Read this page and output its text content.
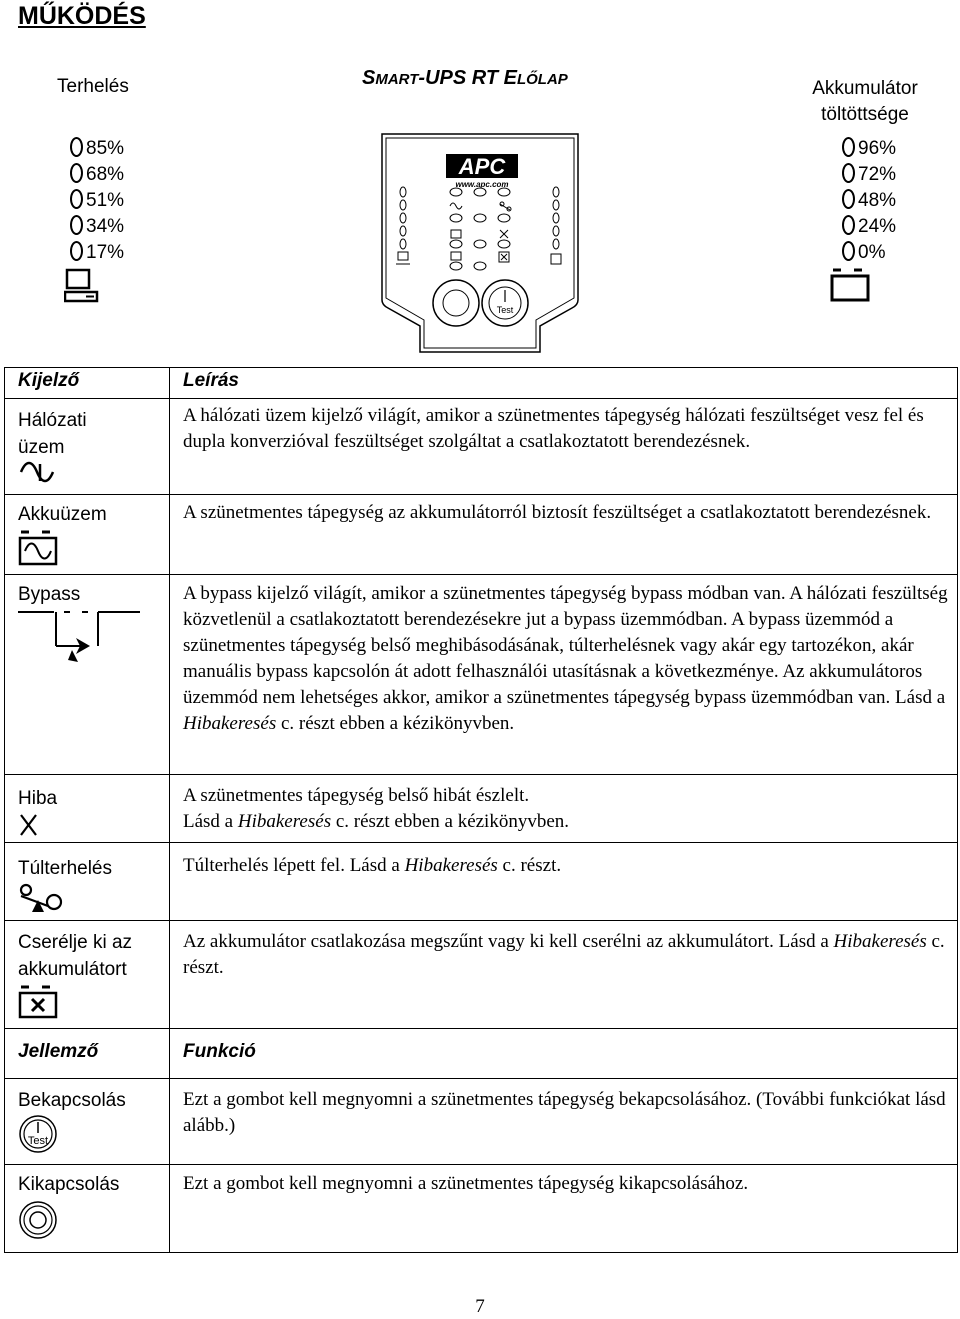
MŰKÖDÉS
Terhelés	SMART-UPS RT ELŐLAP	Akkumulátor
töltöttsége
85%
68%
51%
34%
17%
96%
72%
48%
24%
0%
APC
www.apc.com
Test
Kijelző	Leírás

Hálózati
üzem	A hálózati üzem kijelző világít, amikor a szünetmentes tápegység hálózati feszültséget vesz fel és dupla konverzióval feszültséget szolgáltat a csatlakoztatott berendezésnek.

Akkuüzem	A szünetmentes tápegység az akkumulátorról biztosít feszültséget a csatlakoztatott berendezésnek.

Bypass	A bypass kijelző világít, amikor a szünetmentes tápegység bypass módban van. A hálózati feszültség közvetlenül a csatlakoztatott berendezésekre jut a bypass üzemmódban. A bypass üzemmód a szünetmentes tápegység belső meghibásodásának, túlterhelésnek vagy akár egy tartozékon, akár manuális bypass kapcsolón át adott felhasználói utasításnak a következménye. Az akkumulátoros üzemmód nem lehetséges akkor, amikor a szünetmentes tápegység bypass üzemmódban van. Lásd a Hibakeresés c. részt ebben a kézikönyvben.

Hiba	A szünetmentes tápegység belső hibát észlelt.
Lásd a Hibakeresés c. részt ebben a kézikönyvben.

Túlterhelés	Túlterhelés lépett fel. Lásd a Hibakeresés c. részt.

Cserélje ki az
akkumulátort	Az akkumulátor csatlakozása megszűnt vagy ki kell cserélni az akkumulátort. Lásd a Hibakeresés c. részt.

Jellemző	Funkció

Bekapcsolás
Test	Ezt a gombot kell megnyomni a szünetmentes tápegység bekapcsolásához. (További funkciókat lásd alább.)

Kikapcsolás	Ezt a gombot kell megnyomni a szünetmentes tápegység kikapcsolásához.
7
